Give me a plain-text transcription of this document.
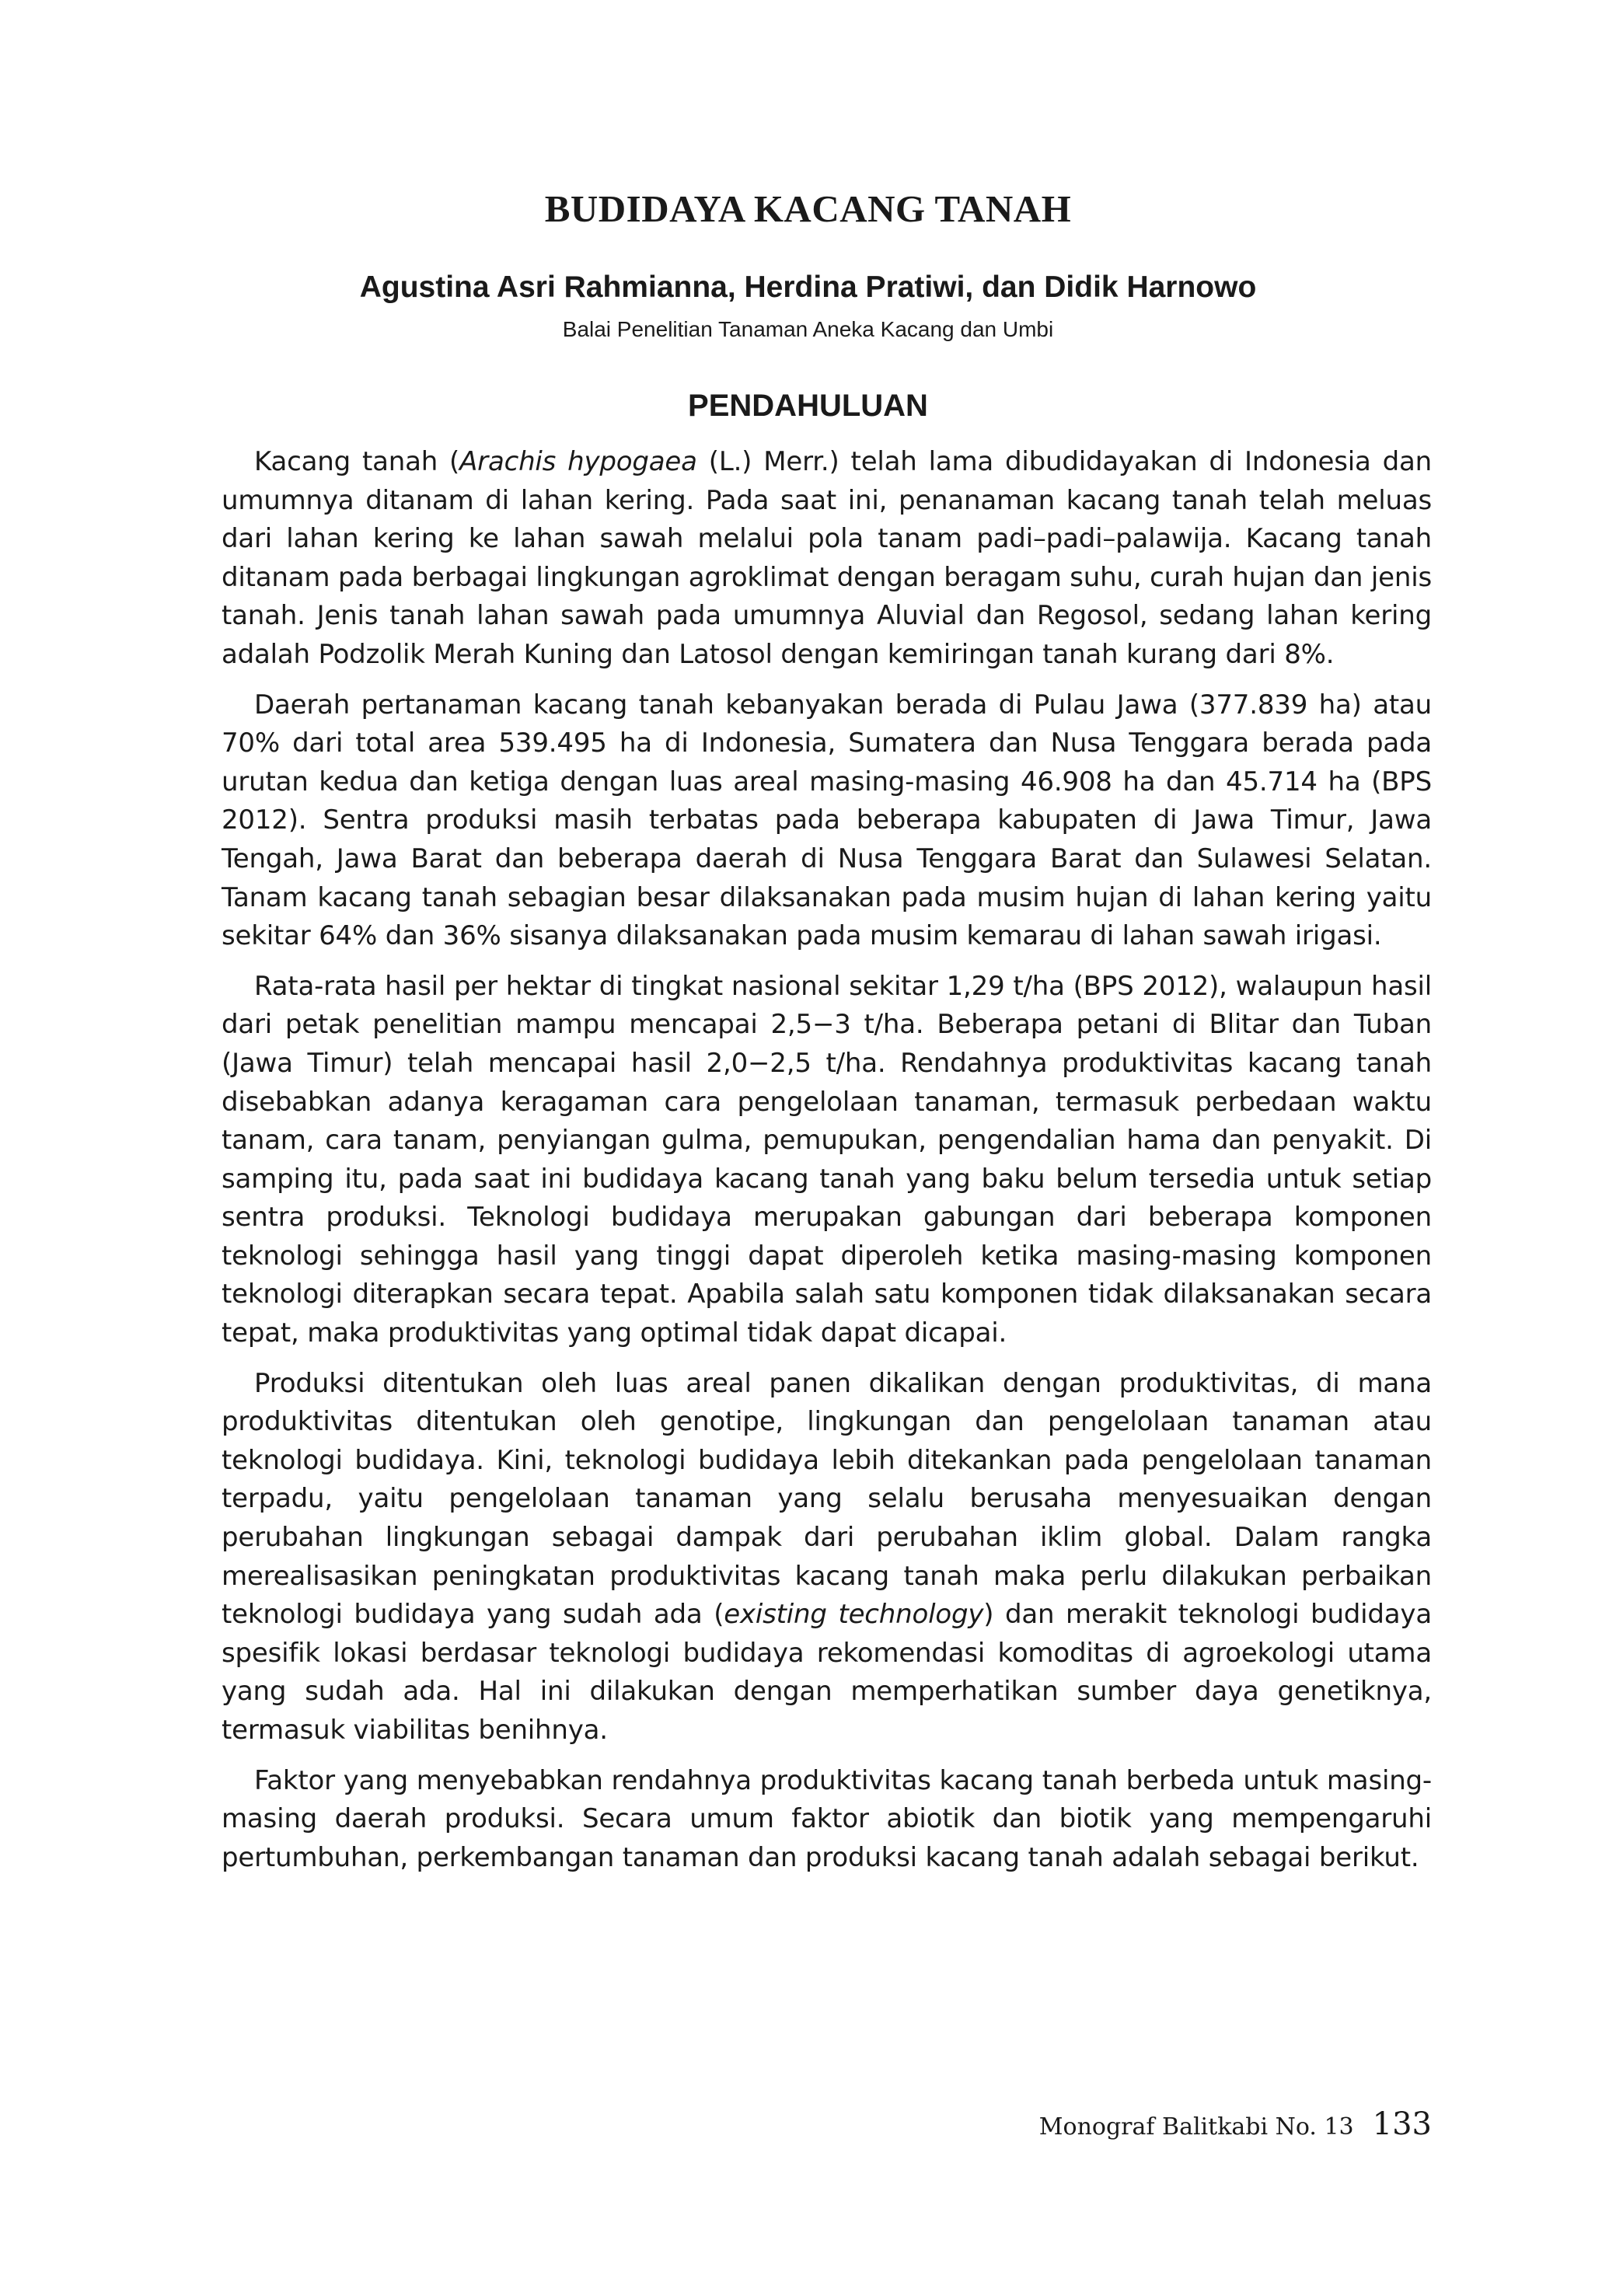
BUDIDAYA KACANG TANAH
Agustina Asri Rahmianna, Herdina Pratiwi, dan Didik Harnowo
Balai Penelitian Tanaman Aneka Kacang dan Umbi
PENDAHULUAN

Kacang tanah (Arachis hypogaea (L.) Merr.) telah lama dibudidayakan di Indonesia dan umumnya ditanam di lahan kering. Pada saat ini, penanaman kacang tanah telah meluas dari lahan kering ke lahan sawah melalui pola tanam padi–padi–palawija. Kacang tanah ditanam pada berbagai lingkungan agroklimat dengan beragam suhu, curah hujan dan jenis tanah. Jenis tanah lahan sawah pada umumnya Aluvial dan Regosol, sedang lahan kering adalah Podzolik Merah Kuning dan Latosol dengan kemiringan tanah kurang dari 8%.

Daerah pertanaman kacang tanah kebanyakan berada di Pulau Jawa (377.839 ha) atau 70% dari total area 539.495 ha di Indonesia, Sumatera dan Nusa Tenggara berada pada urutan kedua dan ketiga dengan luas areal masing-masing 46.908 ha dan 45.714 ha (BPS 2012). Sentra produksi masih terbatas pada beberapa kabupaten di Jawa Timur, Jawa Tengah, Jawa Barat dan beberapa daerah di Nusa Tenggara Barat dan Sulawesi Selatan. Tanam kacang tanah sebagian besar dilaksanakan pada musim hujan di lahan kering yaitu sekitar 64% dan 36% sisanya dilaksanakan pada musim kemarau di lahan sawah irigasi.

Rata-rata hasil per hektar di tingkat nasional sekitar 1,29 t/ha (BPS 2012), walaupun hasil dari petak penelitian mampu mencapai 2,5−3 t/ha. Beberapa petani di Blitar dan Tuban (Jawa Timur) telah mencapai hasil 2,0−2,5 t/ha. Rendahnya produktivitas kacang tanah disebabkan adanya keragaman cara pengelolaan tanaman, termasuk perbedaan waktu tanam, cara tanam, penyiangan gulma, pemupukan, pengendalian hama dan penyakit. Di samping itu, pada saat ini budidaya kacang tanah yang baku belum tersedia untuk setiap sentra produksi. Teknologi budidaya merupakan gabungan dari beberapa komponen teknologi sehingga hasil yang tinggi dapat diperoleh ketika masing-masing komponen teknologi diterapkan secara tepat. Apabila salah satu komponen tidak dilaksanakan secara tepat, maka produktivitas yang optimal tidak dapat dicapai.

Produksi ditentukan oleh luas areal panen dikalikan dengan produktivitas, di mana produktivitas ditentukan oleh genotipe, lingkungan dan pengelolaan tanaman atau teknologi budidaya. Kini, teknologi budidaya lebih ditekankan pada pengelolaan tanaman terpadu, yaitu pengelolaan tanaman yang selalu berusaha menyesuaikan dengan perubahan lingkungan sebagai dampak dari perubahan iklim global. Dalam rangka merealisasikan peningkatan produktivitas kacang tanah maka perlu dilakukan perbaikan teknologi budidaya yang sudah ada (existing technology) dan merakit teknologi budidaya spesifik lokasi berdasar teknologi budidaya rekomendasi komoditas di agroekologi utama yang sudah ada. Hal ini dilakukan dengan memperhatikan sumber daya genetiknya, termasuk viabilitas benihnya.

Faktor yang menyebabkan rendahnya produktivitas kacang tanah berbeda untuk masing-masing daerah produksi. Secara umum faktor abiotik dan biotik yang mempengaruhi pertumbuhan, perkembangan tanaman dan produksi kacang tanah adalah sebagai berikut.

Monograf Balitkabi No. 13 133
